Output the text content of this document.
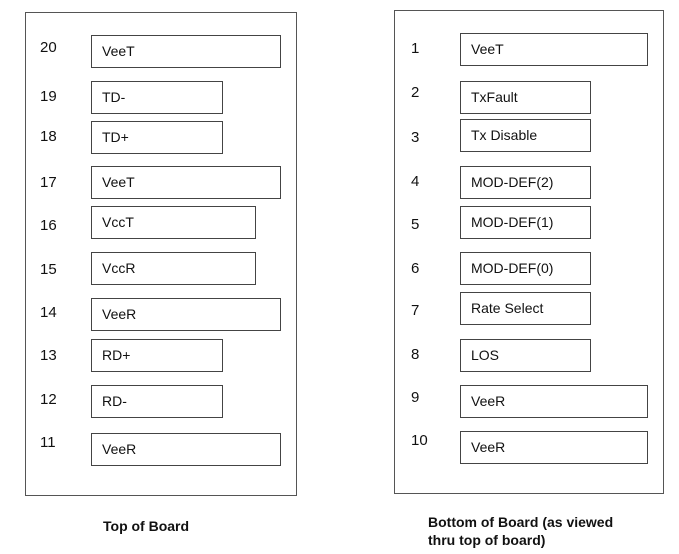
20	VeeT
19	TD-
18	TD+
17	VeeT
16	VccT
15	VccR
14	VeeR
13	RD+
12	RD-
11	VeeR
Top of Board
1	VeeT
2	TxFault
3	Tx Disable
4	MOD-DEF(2)
5	MOD-DEF(1)
6	MOD-DEF(0)
7	Rate Select
8	LOS
9	VeeR
10	VeeR
Bottom of Board (as viewed
thru top of board)
